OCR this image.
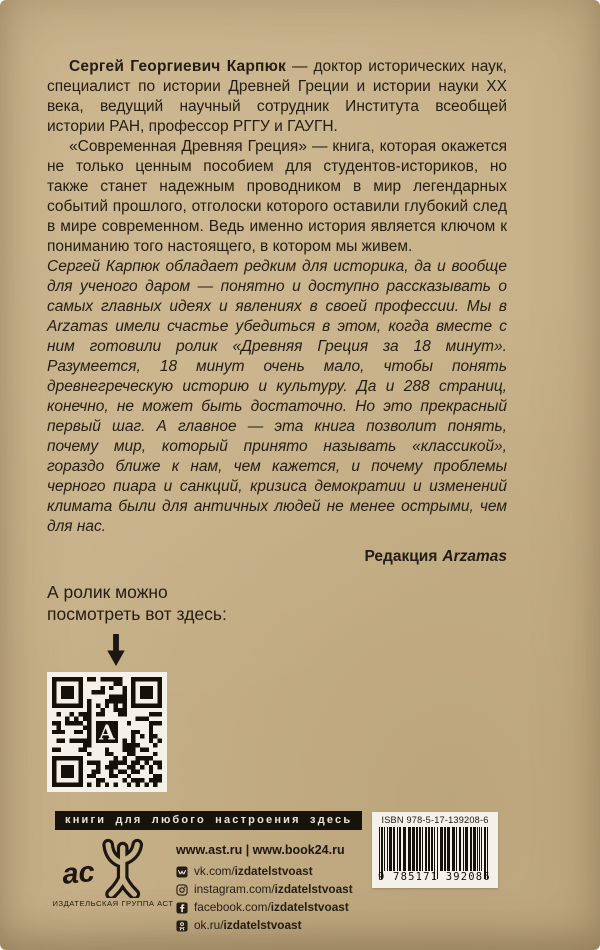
Сергей Георгиевич Карпюк — доктор исторических наук, специалист по истории Древней Греции и истории науки XX века, ведущий научный сотрудник Института всеобщей истории РАН, профессор РГГУ и ГАУГН.

«Современная Древняя Греция» — книга, которая окажется не только ценным пособием для студентов-историков, но также станет надежным проводником в мир легендарных событий прошлого, отголоски которого оставили глубокий след в мире современном. Ведь именно история является ключом к пониманию того настоящего, в котором мы живем.

Сергей Карпюк обладает редким для историка, да и вообще для ученого даром — понятно и доступно рассказывать о самых главных идеях и явлениях в своей профессии. Мы в Arzamas имели счастье убедиться в этом, когда вместе с ним готовили ролик «Древняя Греция за 18 минут». Разумеется, 18 минут очень мало, чтобы понять древнегреческую историю и культуру. Да и 288 страниц, конечно, не может быть достаточно. Но это прекрасный первый шаг. А главное — эта книга позволит понять, почему мир, который принято называть «классикой», гораздо ближе к нам, чем кажется, и почему проблемы черного пиара и санкций, кризиса демократии и изменений климата были для античных людей не менее острыми, чем для нас.

Редакция Arzamas
А ролик можно
посмотреть вот здесь:
А
книги для любого настроения здесь
ас
ИЗДАТЕЛЬСКАЯ ГРУППА АСТ
www.ast.ru | www.book24.ru
vk.com/izdatelstvoast
instagram.com/izdatelstvoast
facebook.com/izdatelstvoast
ok.ru/izdatelstvoast
ISBN 978-5-17-139208-6
9 785171 392086
